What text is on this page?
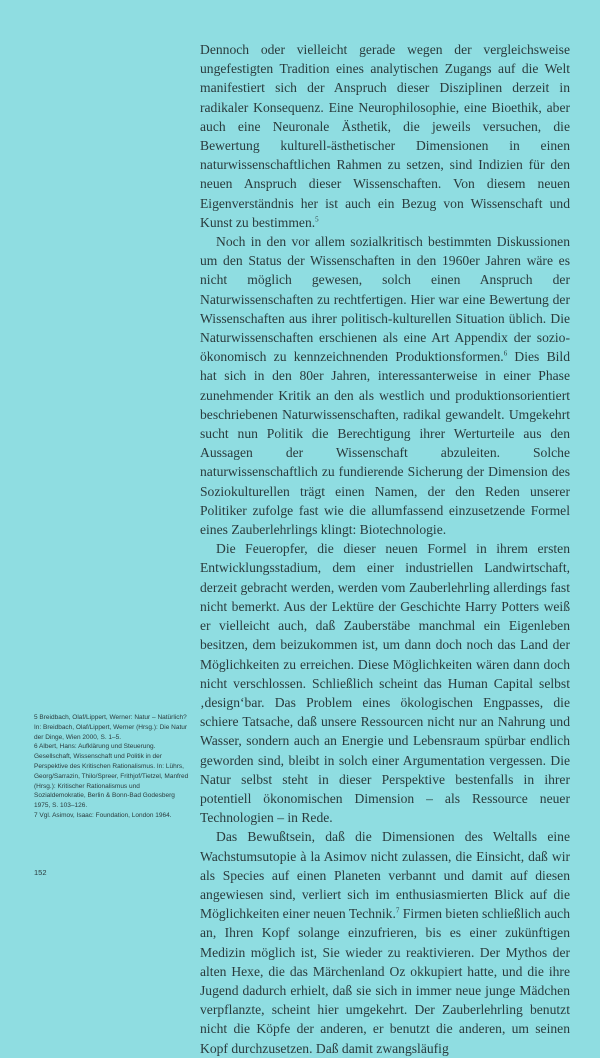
Dennoch oder vielleicht gerade wegen der vergleichsweise ungefestigten Tradition eines analytischen Zugangs auf die Welt manifestiert sich der Anspruch dieser Disziplinen derzeit in radikaler Konsequenz. Eine Neurophilosophie, eine Bioethik, aber auch eine Neuronale Ästhetik, die jeweils versuchen, die Bewertung kulturell-ästhetischer Dimensionen in einen naturwissenschaftlichen Rahmen zu setzen, sind Indizien für den neuen Anspruch dieser Wissenschaften. Von diesem neuen Eigenverständnis her ist auch ein Bezug von Wissenschaft und Kunst zu bestimmen.$^5$

Noch in den vor allem sozialkritisch bestimmten Diskussionen um den Status der Wissenschaften in den 1960er Jahren wäre es nicht möglich gewesen, solch einen Anspruch der Naturwissenschaften zu rechtfertigen. Hier war eine Bewertung der Wissenschaften aus ihrer politisch-kulturellen Situation üblich. Die Naturwissenschaften erschienen als eine Art Appendix der sozio-ökonomisch zu kennzeichnenden Produktionsformen.$^6$ Dies Bild hat sich in den 80er Jahren, interessanterweise in einer Phase zunehmender Kritik an den als westlich und produktionsorientiert beschriebenen Naturwissenschaften, radikal gewandelt. Umgekehrt sucht nun Politik die Berechtigung ihrer Werturteile aus den Aussagen der Wissenschaft abzuleiten. Solche naturwissenschaftlich zu fundierende Sicherung der Dimension des Soziokulturellen trägt einen Namen, der den Reden unserer Politiker zufolge fast wie die allumfassend einzusetzende Formel eines Zauberlehrlings klingt: Biotechnologie.

Die Feueropfer, die dieser neuen Formel in ihrem ersten Entwicklungsstadium, dem einer industriellen Landwirtschaft, derzeit gebracht werden, werden vom Zauberlehrling allerdings fast nicht bemerkt. Aus der Lektüre der Geschichte Harry Potters weiß er vielleicht auch, daß Zauberstäbe manchmal ein Eigenleben besitzen, dem beizukommen ist, um dann doch noch das Land der Möglichkeiten zu erreichen. Diese Möglichkeiten wären dann doch nicht verschlossen. Schließlich scheint das Human Capital selbst ‚design‘bar. Das Problem eines ökologischen Engpasses, die schiere Tatsache, daß unsere Ressourcen nicht nur an Nahrung und Wasser, sondern auch an Energie und Lebensraum spürbar endlich geworden sind, bleibt in solch einer Argumentation vergessen. Die Natur selbst steht in dieser Perspektive bestenfalls in ihrer potentiell ökonomischen Dimension – als Ressource neuer Technologien – in Rede.

Das Bewußtsein, daß die Dimensionen des Weltalls eine Wachstumsutopie à la Asimov nicht zulassen, die Einsicht, daß wir als Species auf einen Planeten verbannt und damit auf diesen angewiesen sind, verliert sich im enthusiasmierten Blick auf die Möglichkeiten einer neuen Technik.$^7$ Firmen bieten schließlich auch an, Ihren Kopf solange einzufrieren, bis es einer zukünftigen Medizin möglich ist, Sie wieder zu reaktivieren. Der Mythos der alten Hexe, die das Märchenland Oz okkupiert hatte, und die ihre Jugend dadurch erhielt, daß sie sich in immer neue junge Mädchen verpflanzte, scheint hier umgekehrt. Der Zauberlehrling benutzt nicht die Köpfe der anderen, er benutzt die anderen, um seinen Kopf durchzusetzen. Daß damit zwangsläufig

5 Breidbach, Olaf/Lippert, Werner: Natur – Natürlich? In: Breidbach, Olaf/Lippert, Werner (Hrsg.): Die Natur der Dinge, Wien 2000, S. 1–5.

6 Albert, Hans: Aufklärung und Steuerung. Gesellschaft, Wissenschaft und Politik in der Perspektive des Kritischen Rationalismus. In: Lührs, Georg/Sarrazin, Thilo/Spreer, Frithjof/Tietzel, Manfred (Hrsg.): Kritischer Rationalismus und Sozialdemokratie, Berlin & Bonn-Bad Godesberg 1975, S. 103–126.

7 Vgl. Asimov, Isaac: Foundation, London 1964.

152
